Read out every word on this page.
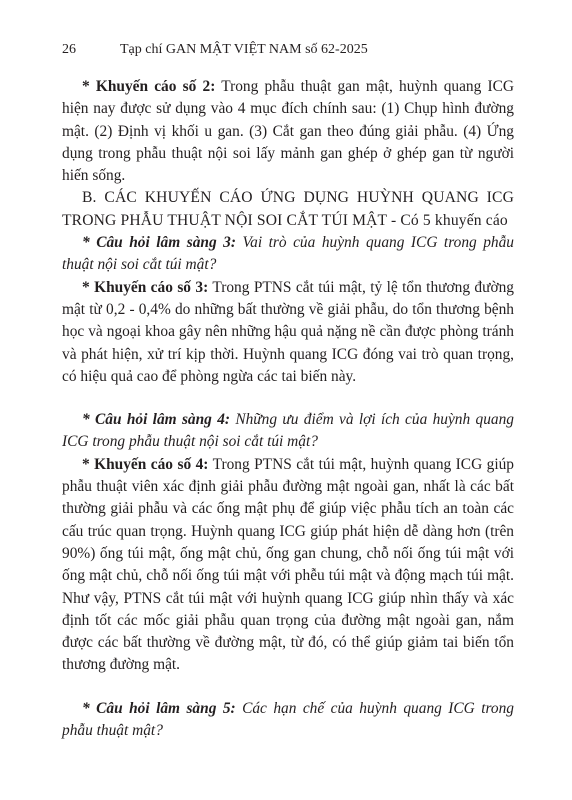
26	Tạp chí GAN MẬT VIỆT NAM số 62-2025

* Khuyến cáo số 2: Trong phẫu thuật gan mật, huỳnh quang ICG hiện nay được sử dụng vào 4 mục đích chính sau: (1) Chụp hình đường mật. (2) Định vị khối u gan. (3) Cắt gan theo đúng giải phẫu. (4) Ứng dụng trong phẫu thuật nội soi lấy mảnh gan ghép ở ghép gan từ người hiến sống.

B. CÁC KHUYẾN CÁO ỨNG DỤNG HUỲNH QUANG ICG TRONG PHẪU THUẬT NỘI SOI CẮT TÚI MẬT - Có 5 khuyến cáo

* Câu hỏi lâm sàng 3: Vai trò của huỳnh quang ICG trong phẫu thuật nội soi cắt túi mật?

* Khuyến cáo số 3: Trong PTNS cắt túi mật, tỷ lệ tổn thương đường mật từ 0,2 - 0,4% do những bất thường về giải phẫu, do tổn thương bệnh học và ngoại khoa gây nên những hậu quả nặng nề cần được phòng tránh và phát hiện, xử trí kịp thời. Huỳnh quang ICG đóng vai trò quan trọng, có hiệu quả cao để phòng ngừa các tai biến này.

* Câu hỏi lâm sàng 4: Những ưu điểm và lợi ích của huỳnh quang ICG trong phẫu thuật nội soi cắt túi mật?

* Khuyến cáo số 4: Trong PTNS cắt túi mật, huỳnh quang ICG giúp phẫu thuật viên xác định giải phẫu đường mật ngoài gan, nhất là các bất thường giải phẫu và các ống mật phụ để giúp việc phẫu tích an toàn các cấu trúc quan trọng. Huỳnh quang ICG giúp phát hiện dễ dàng hơn (trên 90%) ống túi mật, ống mật chủ, ống gan chung, chỗ nối ống túi mật với ống mật chủ, chỗ nối ống túi mật với phễu túi mật và động mạch túi mật. Như vậy, PTNS cắt túi mật với huỳnh quang ICG giúp nhìn thấy và xác định tốt các mốc giải phẫu quan trọng của đường mật ngoài gan, nắm được các bất thường về đường mật, từ đó, có thể giúp giảm tai biến tổn thương đường mật.

* Câu hỏi lâm sàng 5: Các hạn chế của huỳnh quang ICG trong phẫu thuật mật?
